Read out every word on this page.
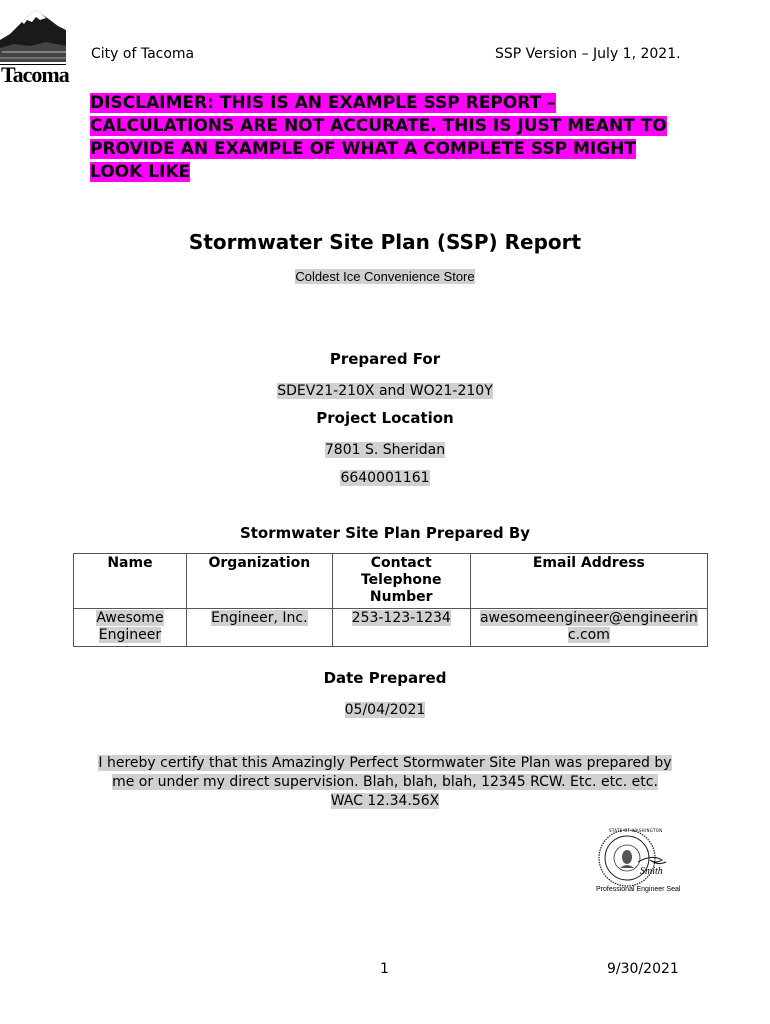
Tacoma
City of Tacoma	SSP Version – July 1, 2021.
DISCLAIMER: THIS IS AN EXAMPLE SSP REPORT – CALCULATIONS ARE NOT ACCURATE. THIS IS JUST MEANT TO PROVIDE AN EXAMPLE OF WHAT A COMPLETE SSP MIGHT LOOK LIKE
Stormwater Site Plan (SSP) Report
Coldest Ice Convenience Store
Prepared For
SDEV21-210X and WO21-210Y
Project Location
7801 S. Sheridan
6640001161
Stormwater Site Plan Prepared By
Name	Organization	Contact Telephone Number	Email Address
Awesome Engineer	Engineer, Inc.	253-123-1234	awesomeengineer@engineerinc.com
Date Prepared
05/04/2021
I hereby certify that this Amazingly Perfect Stormwater Site Plan was prepared by me or under my direct supervision. Blah, blah, blah, 12345 RCW. Etc. etc. etc. WAC 12.34.56X
STATE OF WASHINGTON
Smith
Professional Engineer Seal
1	9/30/2021
